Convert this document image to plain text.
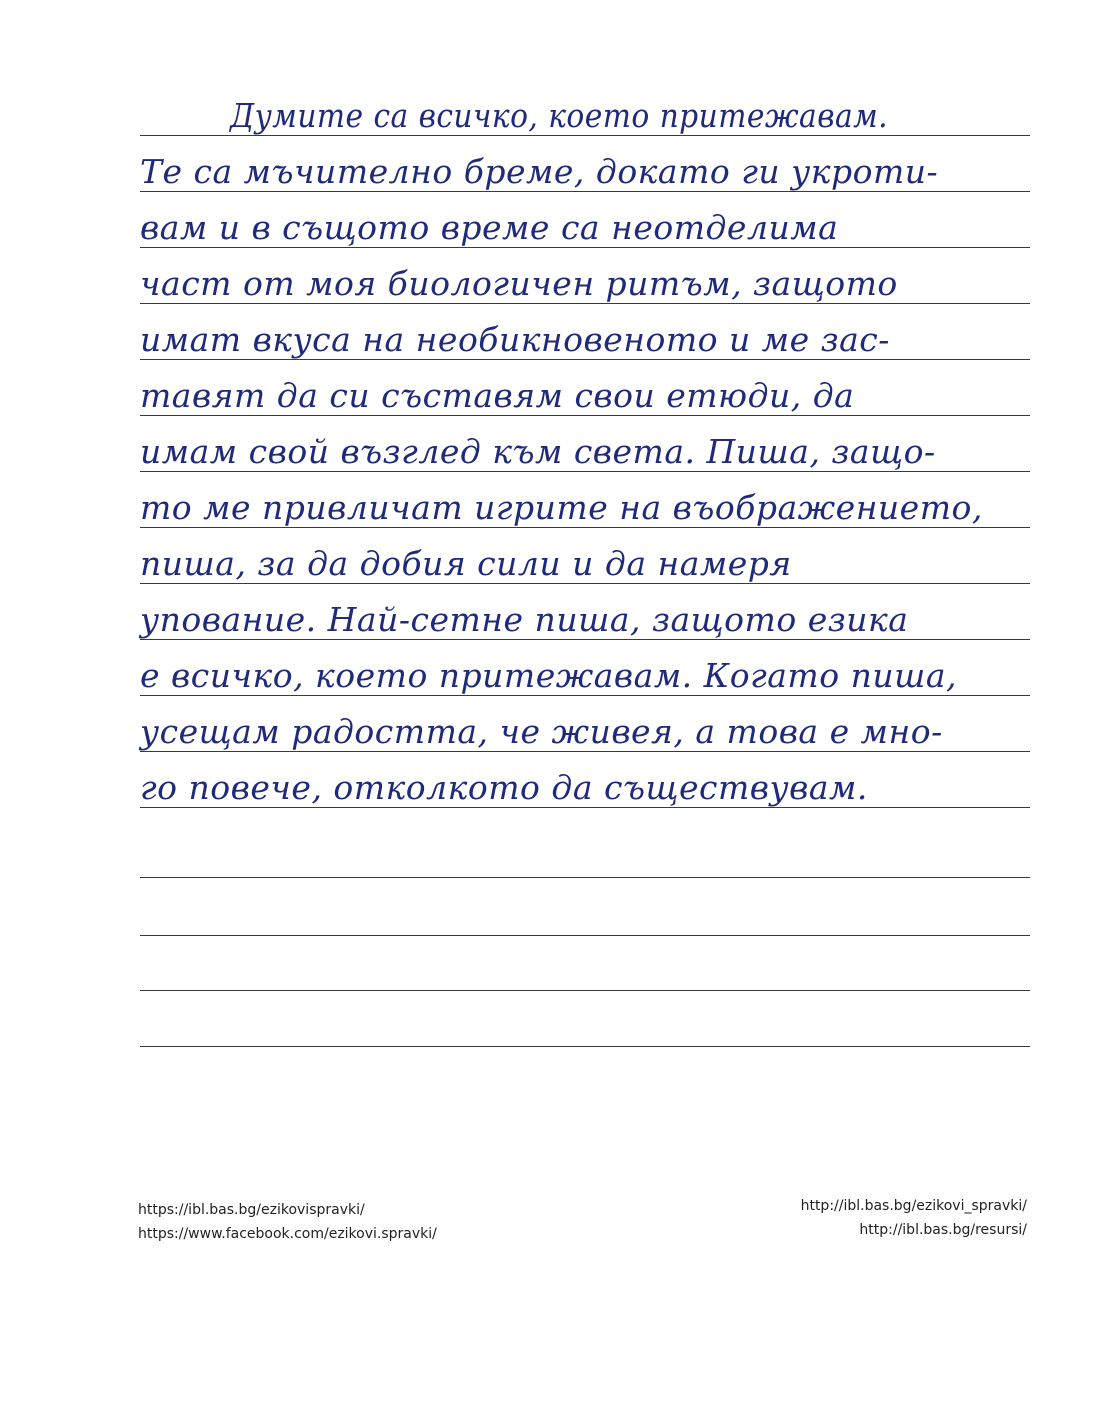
Думите са всичко, което притежавам.
Те са мъчително бреме, докато ги укроти-
вам и в същото време са неотделима
част от моя биологичен ритъм, защото
имат вкуса на необикновеното и ме зас-
тавят да си съставям свои етюди, да
имам свой възглед към света. Пиша, защо-
то ме привличат игрите на въображението,
пиша, за да добия сили и да намеря
упование. Най-сетне пиша, защото езика
е всичко, което притежавам. Когато пиша,
усещам радостта, че живея, а това е мно-
го повече, отколкото да съществувам.
https://ibl.bas.bg/ezikovispravki/
https://www.facebook.com/ezikovi.spravki/
http://ibl.bas.bg/ezikovi_spravki/
http://ibl.bas.bg/resursi/
